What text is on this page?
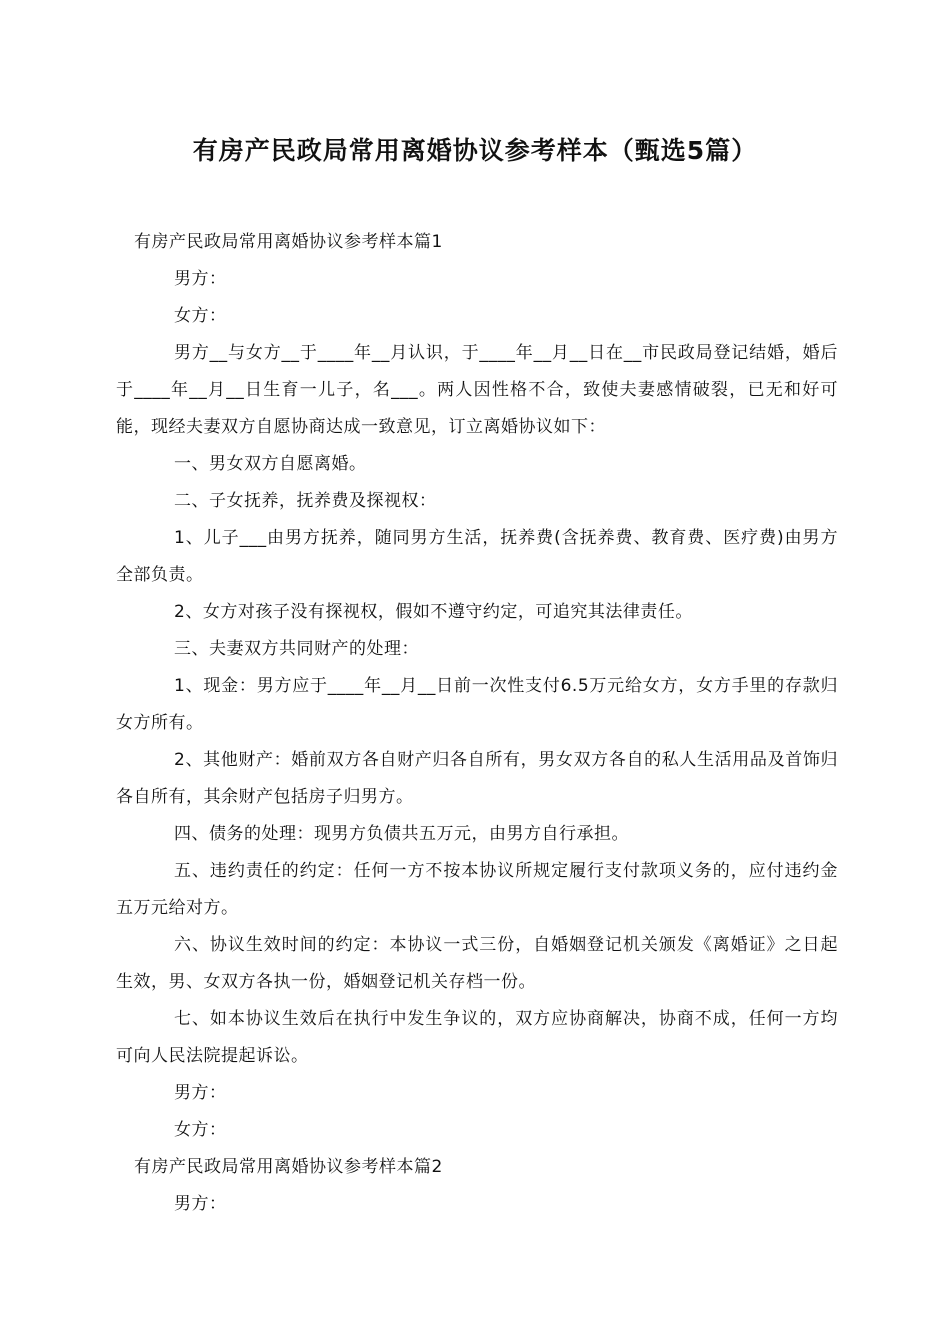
有房产民政局常用离婚协议参考样本（甄选5篇）

有房产民政局常用离婚协议参考样本篇1

男方：

女方：

男方__与女方__于____年__月认识，于____年__月__日在__市民政局登记结婚，婚后于____年__月__日生育一儿子，名___。两人因性格不合，致使夫妻感情破裂，已无和好可能，现经夫妻双方自愿协商达成一致意见，订立离婚协议如下：

一、男女双方自愿离婚。

二、子女抚养，抚养费及探视权：

1、儿子___由男方抚养，随同男方生活，抚养费(含抚养费、教育费、医疗费)由男方全部负责。

2、女方对孩子没有探视权，假如不遵守约定，可追究其法律责任。

三、夫妻双方共同财产的处理：

1、现金：男方应于____年__月__日前一次性支付6.5万元给女方，女方手里的存款归女方所有。

2、其他财产：婚前双方各自财产归各自所有，男女双方各自的私人生活用品及首饰归各自所有，其余财产包括房子归男方。

四、债务的处理：现男方负债共五万元，由男方自行承担。

五、违约责任的约定：任何一方不按本协议所规定履行支付款项义务的，应付违约金五万元给对方。

六、协议生效时间的约定：本协议一式三份，自婚姻登记机关颁发《离婚证》之日起生效，男、女双方各执一份，婚姻登记机关存档一份。

七、如本协议生效后在执行中发生争议的，双方应协商解决，协商不成，任何一方均可向人民法院提起诉讼。

男方：

女方：

有房产民政局常用离婚协议参考样本篇2

男方：
